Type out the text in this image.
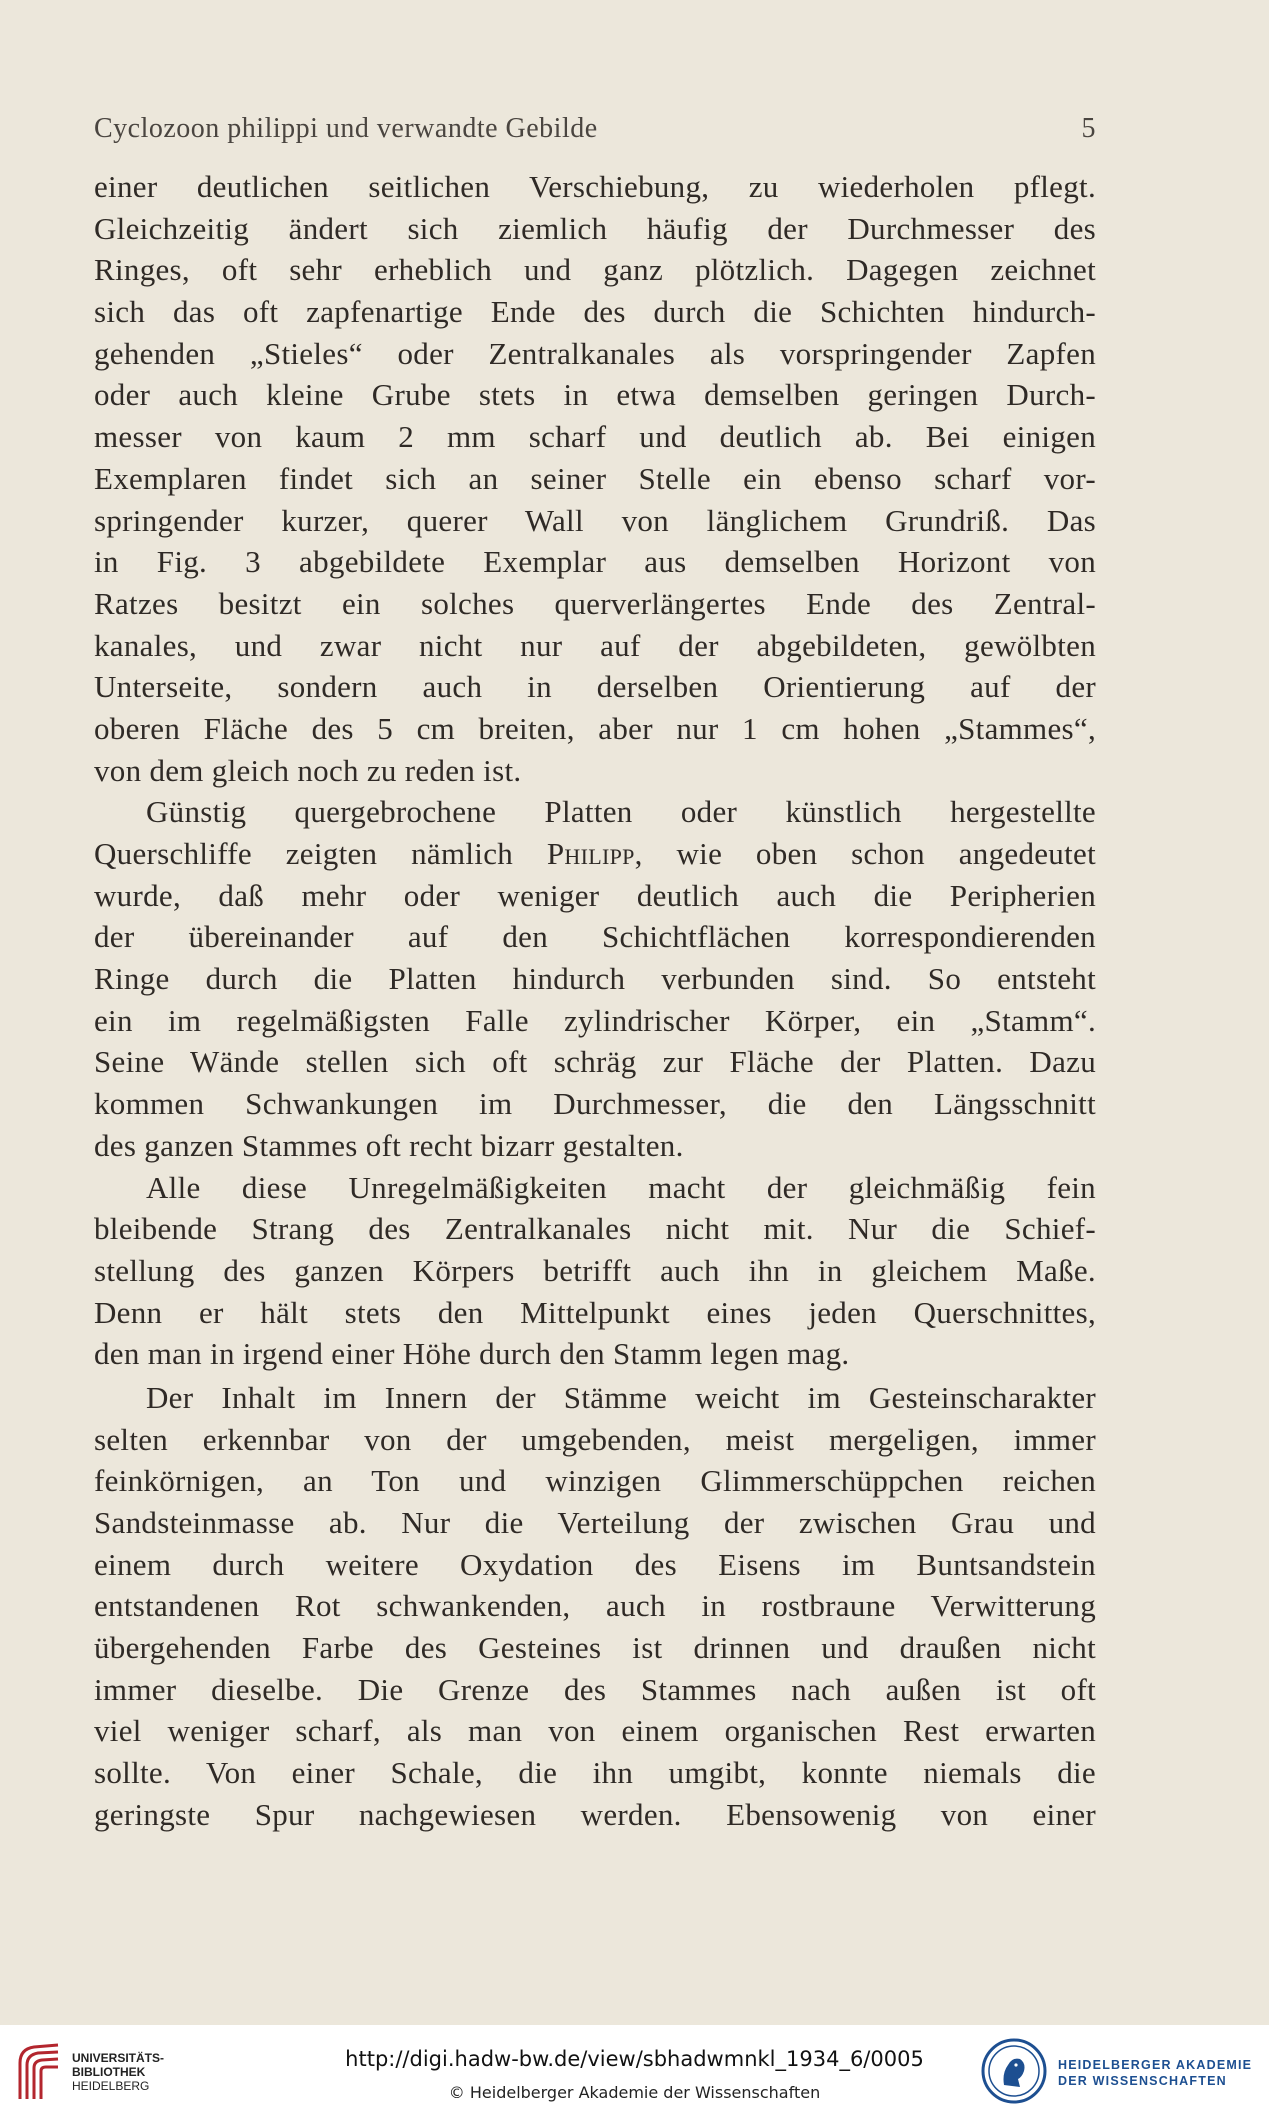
Cyclozoon philippi und verwandte Gebilde	5
einer deutlichen seitlichen Verschiebung, zu wiederholen pflegt.
Gleichzeitig ändert sich ziemlich häufig der Durchmesser des
Ringes, oft sehr erheblich und ganz plötzlich. Dagegen zeichnet
sich das oft zapfenartige Ende des durch die Schichten hindurch-
gehenden „Stieles“ oder Zentralkanales als vorspringender Zapfen
oder auch kleine Grube stets in etwa demselben geringen Durch-
messer von kaum 2 mm scharf und deutlich ab. Bei einigen
Exemplaren findet sich an seiner Stelle ein ebenso scharf vor-
springender kurzer, querer Wall von länglichem Grundriß. Das
in Fig. 3 abgebildete Exemplar aus demselben Horizont von
Ratzes besitzt ein solches querverlängertes Ende des Zentral-
kanales, und zwar nicht nur auf der abgebildeten, gewölbten
Unterseite, sondern auch in derselben Orientierung auf der
oberen Fläche des 5 cm breiten, aber nur 1 cm hohen „Stammes“,
von dem gleich noch zu reden ist.
Günstig quergebrochene Platten oder künstlich hergestellte
Querschliffe zeigten nämlich Philipp, wie oben schon angedeutet
wurde, daß mehr oder weniger deutlich auch die Peripherien
der übereinander auf den Schichtflächen korrespondierenden
Ringe durch die Platten hindurch verbunden sind. So entsteht
ein im regelmäßigsten Falle zylindrischer Körper, ein „Stamm“.
Seine Wände stellen sich oft schräg zur Fläche der Platten. Dazu
kommen Schwankungen im Durchmesser, die den Längsschnitt
des ganzen Stammes oft recht bizarr gestalten.
Alle diese Unregelmäßigkeiten macht der gleichmäßig fein
bleibende Strang des Zentralkanales nicht mit. Nur die Schief-
stellung des ganzen Körpers betrifft auch ihn in gleichem Maße.
Denn er hält stets den Mittelpunkt eines jeden Querschnittes,
den man in irgend einer Höhe durch den Stamm legen mag.
Der Inhalt im Innern der Stämme weicht im Gesteinscharakter
selten erkennbar von der umgebenden, meist mergeligen, immer
feinkörnigen, an Ton und winzigen Glimmerschüppchen reichen
Sandsteinmasse ab. Nur die Verteilung der zwischen Grau und
einem durch weitere Oxydation des Eisens im Buntsandstein
entstandenen Rot schwankenden, auch in rostbraune Verwitterung
übergehenden Farbe des Gesteines ist drinnen und draußen nicht
immer dieselbe. Die Grenze des Stammes nach außen ist oft
viel weniger scharf, als man von einem organischen Rest erwarten
sollte. Von einer Schale, die ihn umgibt, konnte niemals die
geringste Spur nachgewiesen werden. Ebensowenig von einer
UNIVERSITÄTS-
BIBLIOTHEK
HEIDELBERG
http://digi.hadw-bw.de/view/sbhadwmnkl_1934_6/0005
© Heidelberger Akademie der Wissenschaften
HEIDELBERGER AKADEMIE
DER WISSENSCHAFTEN
